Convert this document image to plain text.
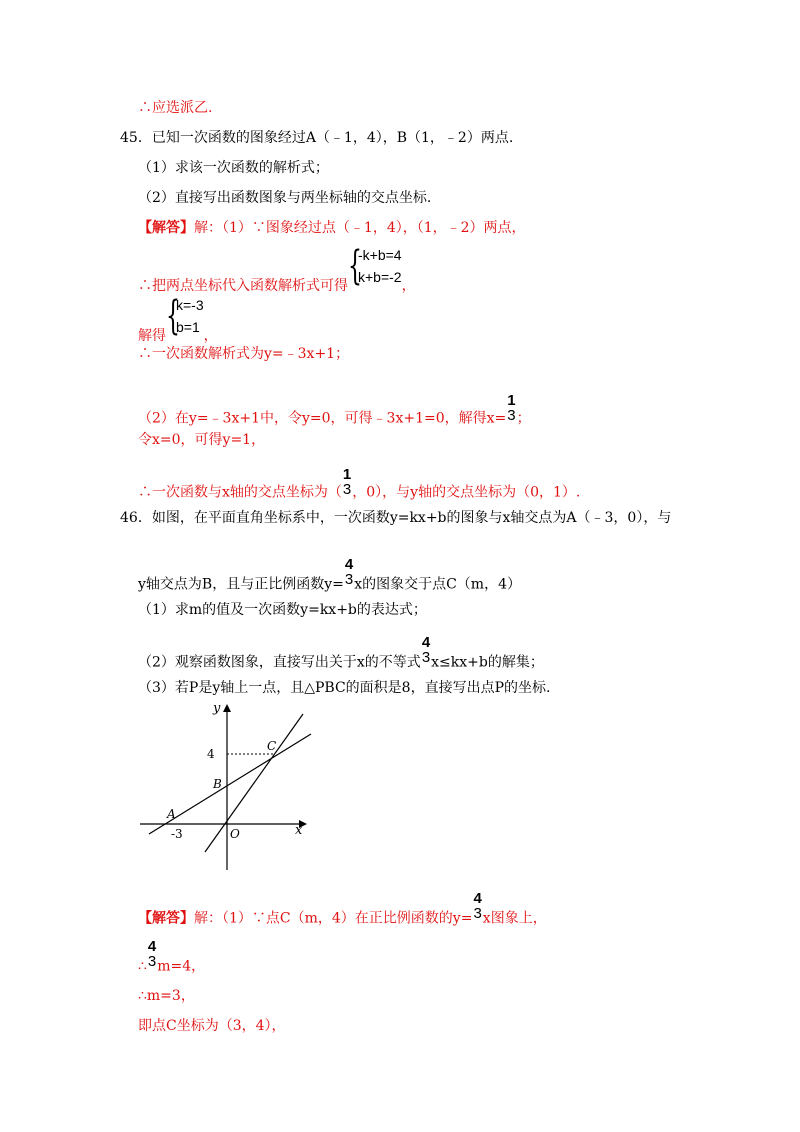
∴应选派乙.
45．已知一次函数的图象经过A（﹣1，4），B（1，﹣2）两点.
（1）求该一次函数的解析式；
（2）直接写出函数图象与两坐标轴的交点坐标.
【解答】解：（1）∵图象经过点（﹣1，4），（1，﹣2）两点，
∴把两点坐标代入函数解析式可得 {
-k+b=4
k+b=-2
，
解得 {
k=-3
b=1
，
∴一次函数解析式为y=﹣3x+1；
（2）在y=﹣3x+1中，令y=0，可得﹣3x+1=0，解得x=
1
3 ；
令x=0，可得y=1，
∴一次函数与x轴的交点坐标为（
1
3 ，0），与y轴的交点坐标为（0，1）.
46．如图，在平面直角坐标系中，一次函数y=kx+b的图象与x轴交点为A（﹣3，0），与
y轴交点为B，且与正比例函数y=
4
3 x的图象交于点C（m，4）
（1）求m的值及一次函数y=kx+b的表达式；
（2）观察函数图象，直接写出关于x的不等式
4
3 x≤kx+b的解集；
（3）若P是y轴上一点，且△PBC的面积是8，直接写出点P的坐标.
y
x
4
C
B
A
-3	O
【解答】解：（1）∵点C（m，4）在正比例函数的y=
4
3 x图象上，
∴
4
3 m=4，
∴m=3，
即点C坐标为（3，4），
